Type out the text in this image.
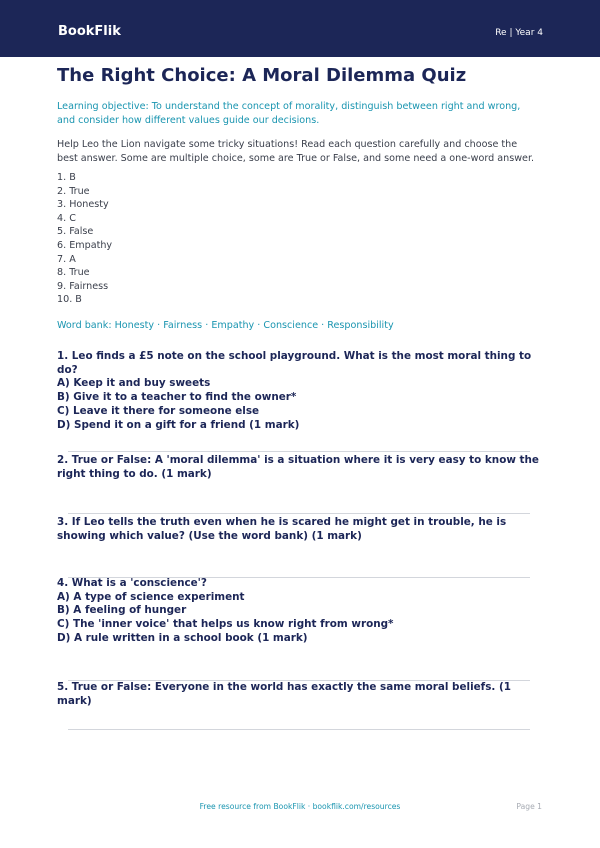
BookFlik	Re | Year 4
The Right Choice: A Moral Dilemma Quiz
Learning objective: To understand the concept of morality, distinguish between right and wrong, and consider how different values guide our decisions.
Help Leo the Lion navigate some tricky situations! Read each question carefully and choose the best answer. Some are multiple choice, some are True or False, and some need a one-word answer.
1. B
2. True
3. Honesty
4. C
5. False
6. Empathy
7. A
8. True
9. Fairness
10. B
Word bank: Honesty · Fairness · Empathy · Conscience · Responsibility
1. Leo finds a £5 note on the school playground. What is the most moral thing to do?
A) Keep it and buy sweets
B) Give it to a teacher to find the owner*
C) Leave it there for someone else
D) Spend it on a gift for a friend (1 mark)
2. True or False: A 'moral dilemma' is a situation where it is very easy to know the right thing to do. (1 mark)
3. If Leo tells the truth even when he is scared he might get in trouble, he is showing which value? (Use the word bank) (1 mark)
4. What is a 'conscience'?
A) A type of science experiment
B) A feeling of hunger
C) The 'inner voice' that helps us know right from wrong*
D) A rule written in a school book (1 mark)
5. True or False: Everyone in the world has exactly the same moral beliefs. (1 mark)
Free resource from BookFlik · bookflik.com/resources	Page 1
